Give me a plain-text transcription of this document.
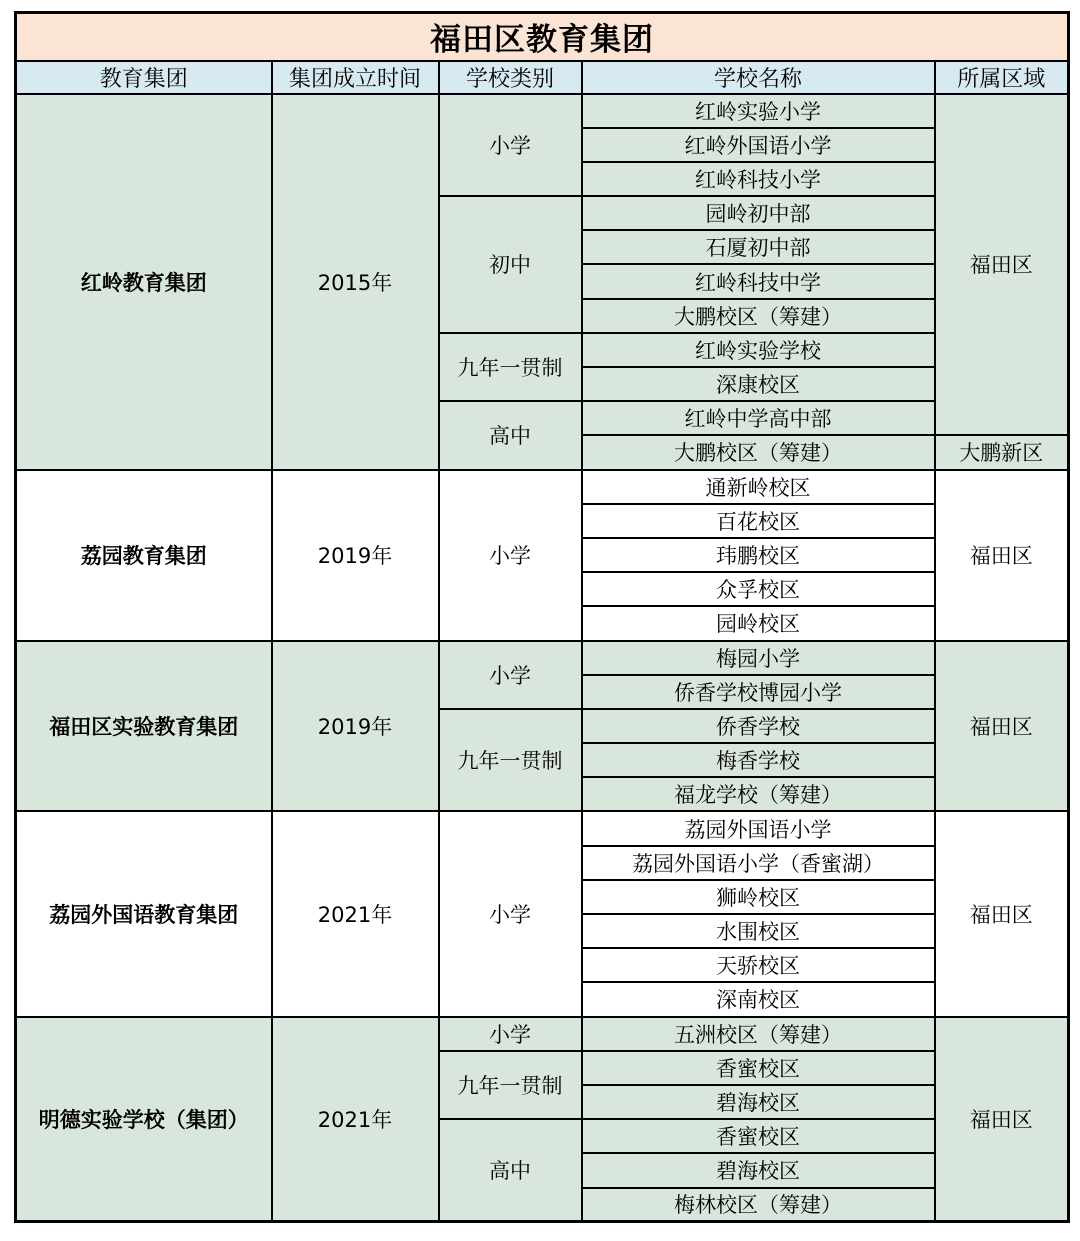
福田区教育集团				
教育集团	集团成立时间	学校类别	学校名称	所属区域
红岭教育集团	2015年	小学	红岭实验小学	福田区
			红岭外国语小学	
			红岭科技小学	
		初中	园岭初中部	
			石厦初中部	
			红岭科技中学	
			大鹏校区（筹建）	
		九年一贯制	红岭实验学校	
			深康校区	
		高中	红岭中学高中部	
			大鹏校区（筹建）	大鹏新区
荔园教育集团	2019年	小学	通新岭校区	福田区
			百花校区	
			玮鹏校区	
			众孚校区	
			园岭校区	
福田区实验教育集团	2019年	小学	梅园小学	福田区
			侨香学校博园小学	
		九年一贯制	侨香学校	
			梅香学校	
			福龙学校（筹建）	
荔园外国语教育集团	2021年	小学	荔园外国语小学	福田区
			荔园外国语小学（香蜜湖）	
			狮岭校区	
			水围校区	
			天骄校区	
			深南校区	
明德实验学校（集团）	2021年	小学	五洲校区（筹建）	福田区
		九年一贯制	香蜜校区	
			碧海校区	
		高中	香蜜校区	
			碧海校区	
			梅林校区（筹建）	
